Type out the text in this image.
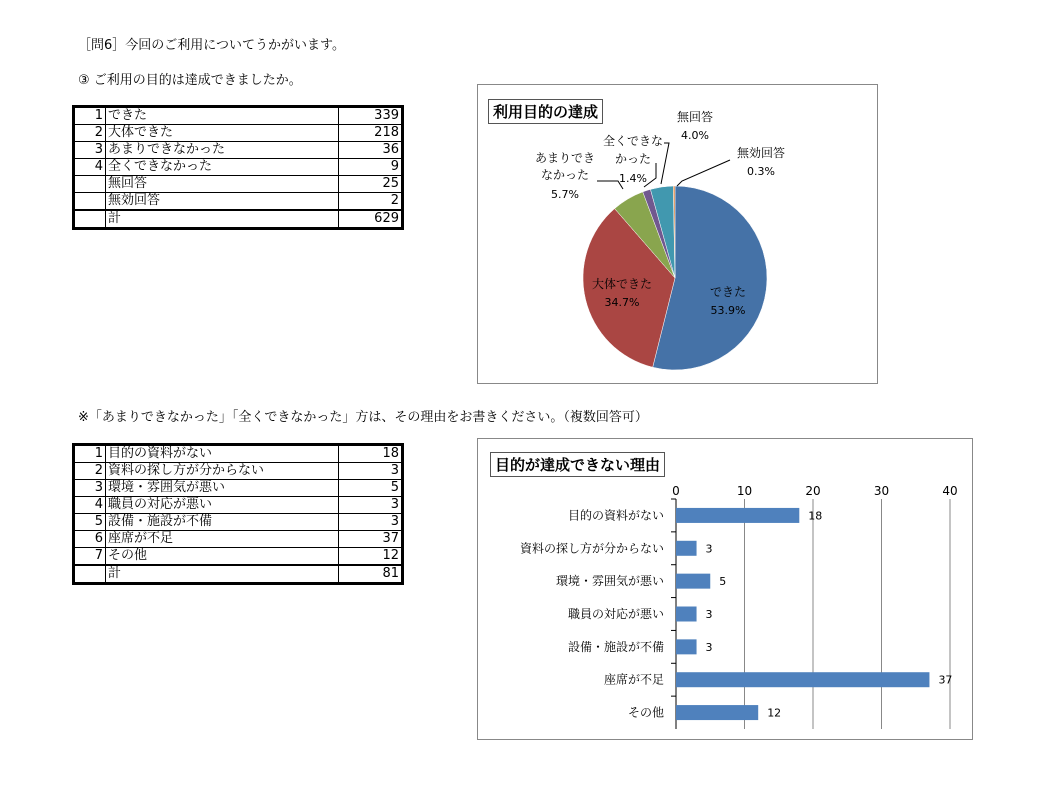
［問6］今回のご利用についてうかがいます。
③ ご利用の目的は達成できましたか。
※「あまりできなかった」「全くできなかった」方は、その理由をお書きください。（複数回答可）
1	できた	339
2	大体できた	218
3	あまりできなかった	36
4	全くできなかった	9
	無回答	25
	無効回答	2
	計	629
1	目的の資料がない	18
2	資料の探し方が分からない	3
3	環境・雰囲気が悪い	5
4	職員の対応が悪い	3
5	設備・施設が不備	3
6	座席が不足	37
7	その他	12
	計	81
利用目的の達成
できた
53.9%
大体できた
34.7%
あまりでき
なかった
5.7%
全くできな
かった
1.4%
無回答
4.0%
無効回答
0.3%
目的が達成できない理由
0	10	20	30	40
目的の資料がない	18
資料の探し方が分からない	3
環境・雰囲気が悪い	5
職員の対応が悪い	3
設備・施設が不備	3
座席が不足	37
その他	12
